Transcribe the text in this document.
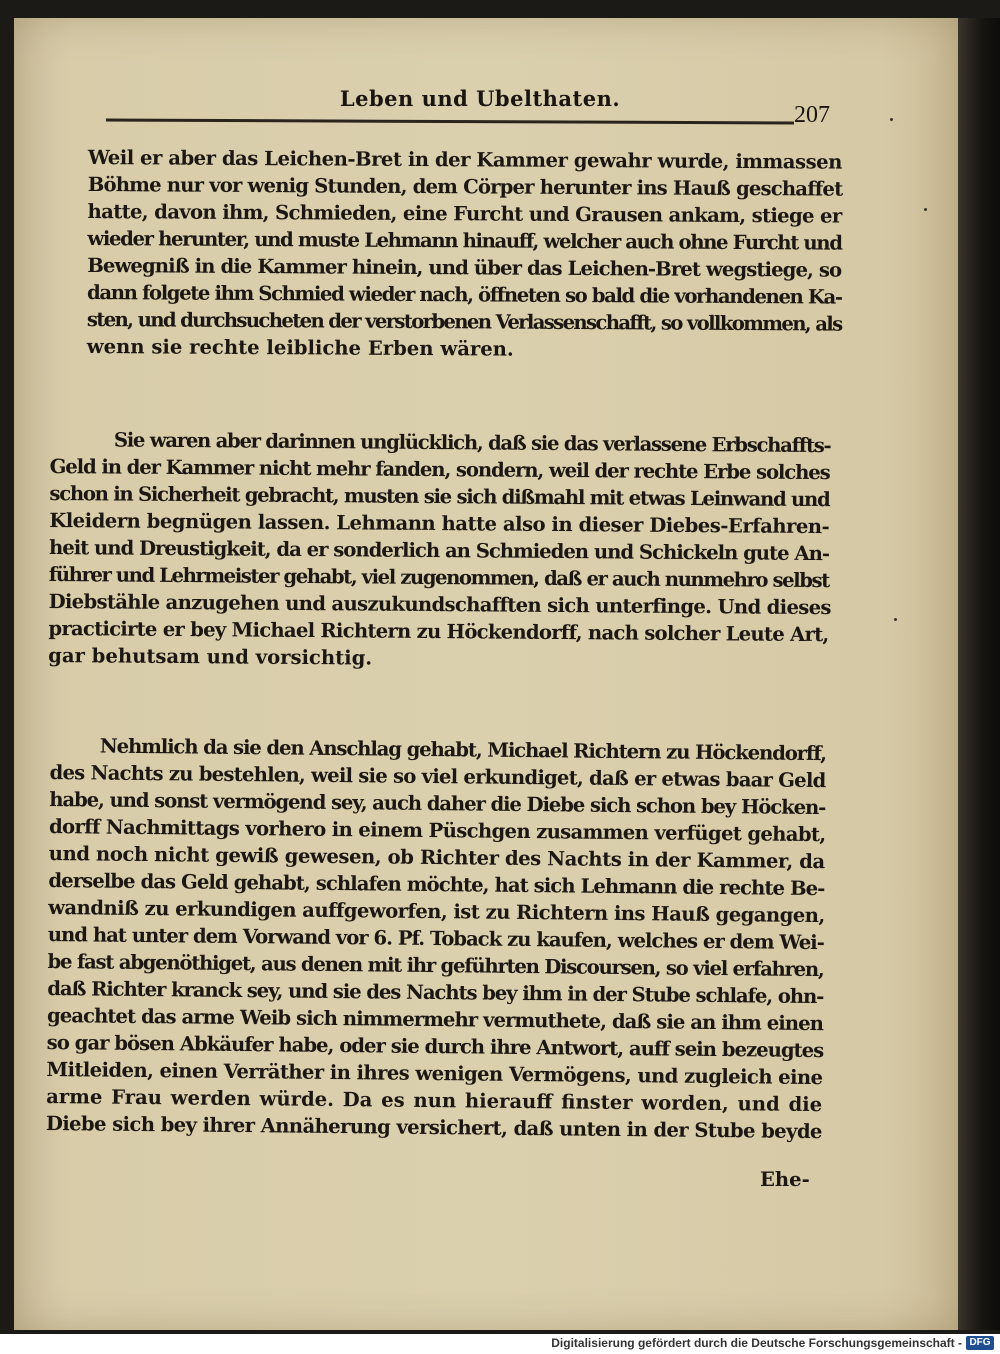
Leben und Ubelthaten.
207
Weil er aber das Leichen-Bret in der Kammer gewahr wurde, immassen
Böhme nur vor wenig Stunden, dem Cörper herunter ins Hauß geschaffet
hatte, davon ihm, Schmieden, eine Furcht und Grausen ankam, stiege er
wieder herunter, und muste Lehmann hinauff, welcher auch ohne Furcht und
Bewegniß in die Kammer hinein, und über das Leichen-Bret wegstiege, so
dann folgete ihm Schmied wieder nach, öffneten so bald die vorhandenen Ka-
sten, und durchsucheten der verstorbenen Verlassenschafft, so vollkommen, als
wenn sie rechte leibliche Erben wären.
Sie waren aber darinnen unglücklich, daß sie das verlassene Erbschaffts-
Geld in der Kammer nicht mehr fanden, sondern, weil der rechte Erbe solches
schon in Sicherheit gebracht, musten sie sich dißmahl mit etwas Leinwand und
Kleidern begnügen lassen. Lehmann hatte also in dieser Diebes-Erfahren-
heit und Dreustigkeit, da er sonderlich an Schmieden und Schickeln gute An-
führer und Lehrmeister gehabt, viel zugenommen, daß er auch nunmehro selbst
Diebstähle anzugehen und auszukundschafften sich unterfinge. Und dieses
practicirte er bey Michael Richtern zu Höckendorff, nach solcher Leute Art,
gar behutsam und vorsichtig.
Nehmlich da sie den Anschlag gehabt, Michael Richtern zu Höckendorff,
des Nachts zu bestehlen, weil sie so viel erkundiget, daß er etwas baar Geld
habe, und sonst vermögend sey, auch daher die Diebe sich schon bey Höcken-
dorff Nachmittags vorhero in einem Püschgen zusammen verfüget gehabt,
und noch nicht gewiß gewesen, ob Richter des Nachts in der Kammer, da
derselbe das Geld gehabt, schlafen möchte, hat sich Lehmann die rechte Be-
wandniß zu erkundigen auffgeworfen, ist zu Richtern ins Hauß gegangen,
und hat unter dem Vorwand vor 6. Pf. Toback zu kaufen, welches er dem Wei-
be fast abgenöthiget, aus denen mit ihr geführten Discoursen, so viel erfahren,
daß Richter kranck sey, und sie des Nachts bey ihm in der Stube schlafe, ohn-
geachtet das arme Weib sich nimmermehr vermuthete, daß sie an ihm einen
so gar bösen Abkäufer habe, oder sie durch ihre Antwort, auff sein bezeugtes
Mitleiden, einen Verräther in ihres wenigen Vermögens, und zugleich eine
arme Frau werden würde. Da es nun hierauff finster worden, und die
Diebe sich bey ihrer Annäherung versichert, daß unten in der Stube beyde
Ehe-
Digitalisierung gefördert durch die Deutsche Forschungsgemeinschaft - DFG
